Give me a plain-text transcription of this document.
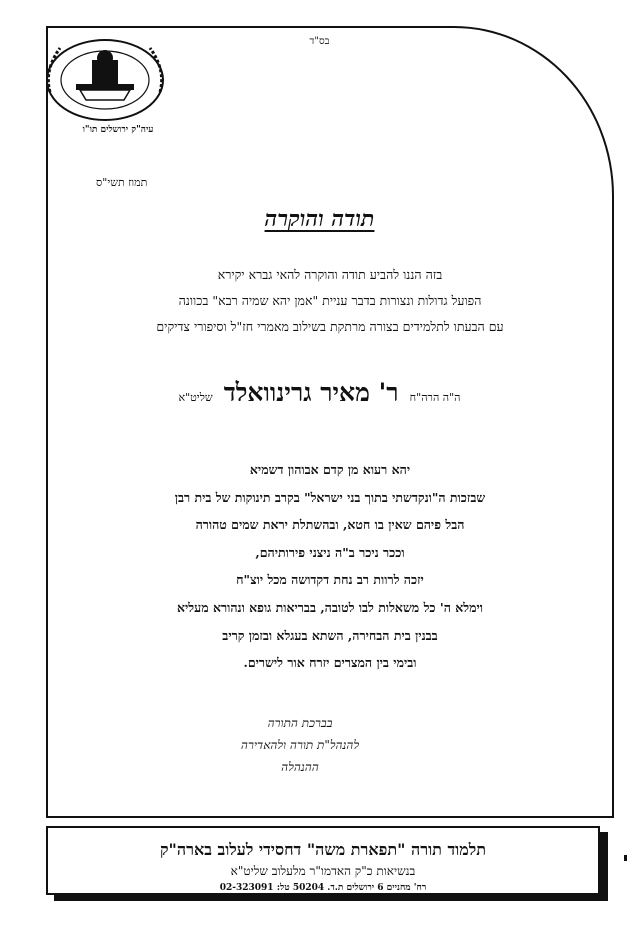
בס"ד
עיה"ק ירושלים תו"ו
תמוז תשי"ס
תודה והוקרה
בזה הננו להביע תודה והוקרה להאי גברא יקירא
הפועל גדולות ונצורות בדבר עניית "אמן יהא שמיה רבא" בכוונה
עם הבעתו לתלמידים בצורה מרתקת בשילוב מאמרי חז"ל וסיפורי צדיקים
ה"ה הרה"ח ר' מאיר גרינוואלד שליט"א
יהא רעוא מן קדם אבוהון דשמיא
שבזכות ה"ונקדשתי בתוך בני ישראל" בקרב תינוקות של בית רבן
הבל פיהם שאין בו חטא, ובהשתלת יראת שמים טהורה
וככר ניכר ב"ה ניצני פירותיהם,
יזכה לרוות רב נחת דקדושה מכל יוצ"ח
וימלא ה' כל משאלות לבו לטובה, בבריאות גופא ונהורא מעליא
בבנין בית הבחירה, השתא בעגלא ובזמן קריב
ובימי בין המצרים יזרח אור לישרים.
בברכת התורה
להנהל"ת תורה ולהאדירה
ההנהלה
תלמוד תורה "תפארת משה" דחסידי לעלוב בארה"ק
בנשיאות כ"ק האדמו"ר מלעלוב שליט"א
רח' מחניים 6 ירושלים ת.ד. 50204 טל: 02-323091
